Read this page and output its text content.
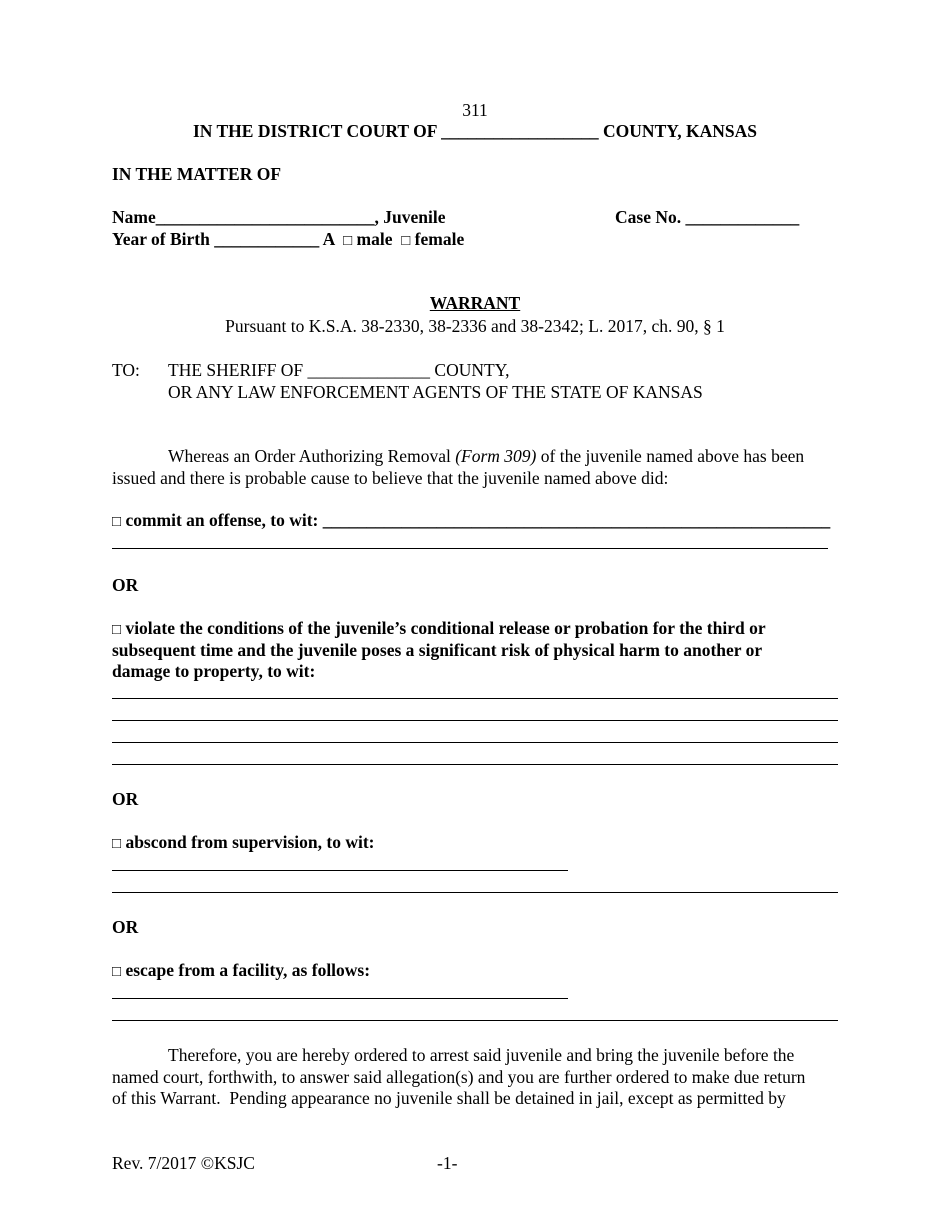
311
IN THE DISTRICT COURT OF __________________ COUNTY, KANSAS
IN THE MATTER OF
Name_________________________, Juvenile	Case No. _____________
Year of Birth ____________ A □ male □ female
WARRANT
Pursuant to K.S.A. 38-2330, 38-2336 and 38-2342; L. 2017, ch. 90, § 1
TO: THE SHERIFF OF ______________ COUNTY,
OR ANY LAW ENFORCEMENT AGENTS OF THE STATE OF KANSAS
Whereas an Order Authorizing Removal (Form 309) of the juvenile named above has been
issued and there is probable cause to believe that the juvenile named above did:
□ commit an offense, to wit: __________________________________________________________
OR
□ violate the conditions of the juvenile’s conditional release or probation for the third or
subsequent time and the juvenile poses a significant risk of physical harm to another or
damage to property, to wit:
OR
□ abscond from supervision, to wit:
OR
□ escape from a facility, as follows:
Therefore, you are hereby ordered to arrest said juvenile and bring the juvenile before the
named court, forthwith, to answer said allegation(s) and you are further ordered to make due return
of this Warrant.  Pending appearance no juvenile shall be detained in jail, except as permitted by
Rev. 7/2017 ©KSJC	-1-
